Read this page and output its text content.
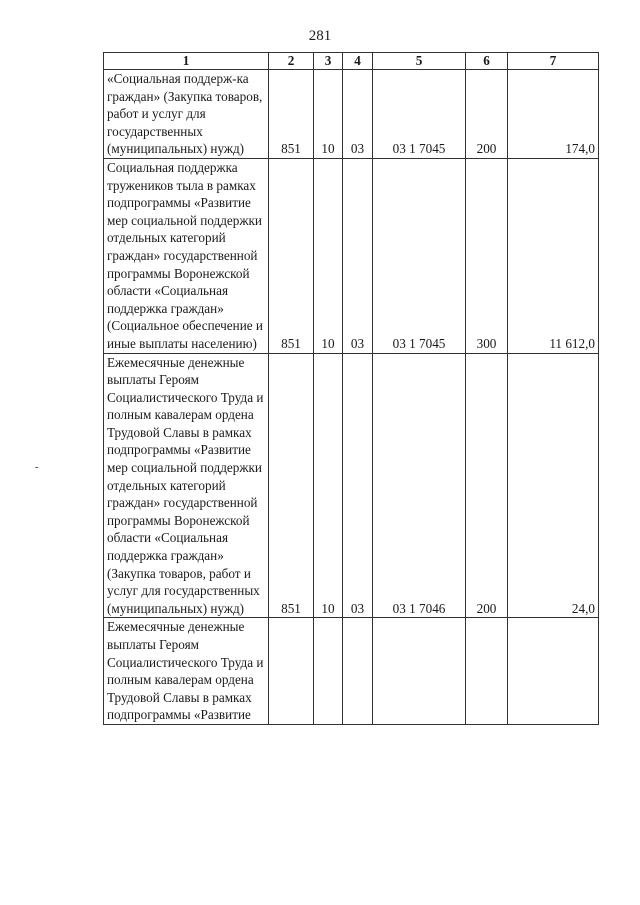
281
-
1	2	3	4	5	6	7
«Социальная поддерж-ка граждан» (Закупка товаров, работ и услуг для государственных (муниципальных) нужд)	851	10	03	03 1 7045	200	174,0
Социальная поддержка тружеников тыла в рамках подпрограммы «Развитие мер социальной поддержки отдельных категорий граждан» государственной программы Воронежской области «Социальная поддержка граждан» (Социальное обеспечение и иные выплаты населению)	851	10	03	03 1 7045	300	11 612,0
Ежемесячные денежные выплаты Героям Социалистического Труда и полным кавалерам ордена Трудовой Славы в рамках подпрограммы «Развитие мер социальной поддержки отдельных категорий граждан» государственной программы Воронежской области «Социальная поддержка граждан» (Закупка товаров, работ и услуг для государственных (муниципальных) нужд)	851	10	03	03 1 7046	200	24,0
Ежемесячные денежные выплаты Героям Социалистического Труда и полным кавалерам ордена Трудовой Славы в рамках подпрограммы «Развитие						
